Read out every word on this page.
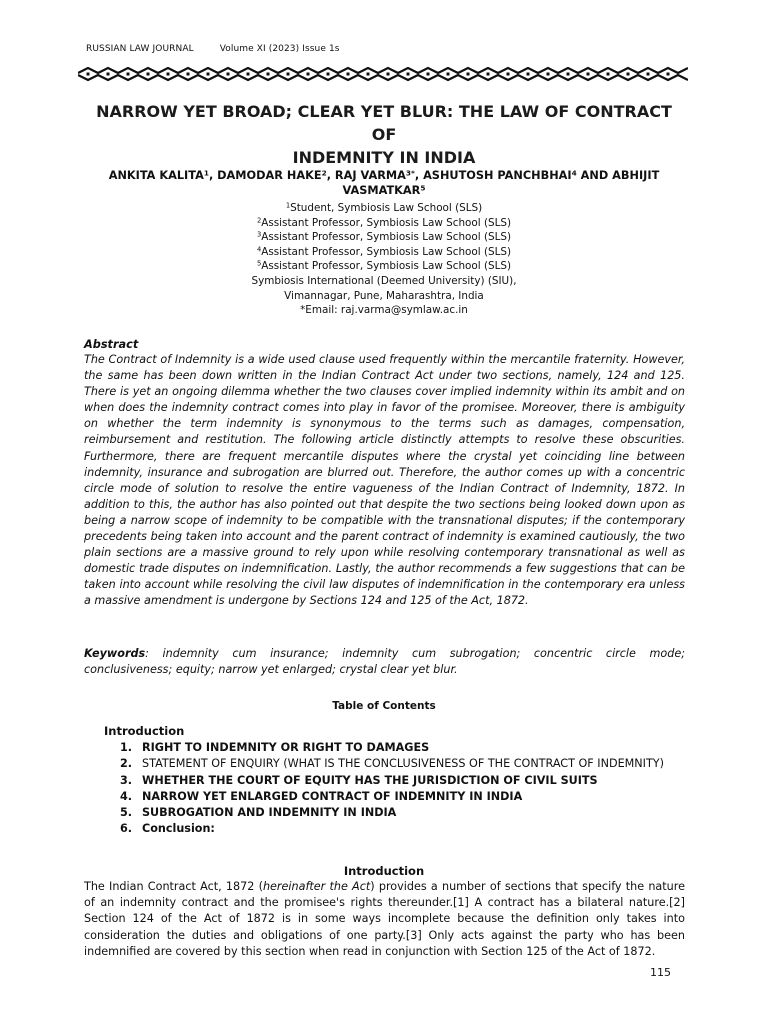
RUSSIAN LAW JOURNAL	Volume XI (2023) Issue 1s
NARROW YET BROAD; CLEAR YET BLUR: THE LAW OF CONTRACT OF
INDEMNITY IN INDIA
ANKITA KALITA$^1$, DAMODAR HAKE$^2$, RAJ $VARMA^{3*}$, ASHUTOSH PANCHBHAI$^4$ AND ABHIJIT VASMATKAR$^5$
$^1$Student, Symbiosis Law School (SLS)
$^2$Assistant Professor, Symbiosis Law School (SLS)
$^3$Assistant Professor, Symbiosis Law School (SLS)
$^4$Assistant Professor, Symbiosis Law School (SLS)
$^5$Assistant Professor, Symbiosis Law School (SLS)
Symbiosis International (Deemed University) (SIU),
Vimannagar, Pune, Maharashtra, India
*Email: raj.varma@symlaw.ac.in
Abstract
The Contract of Indemnity is a wide used clause used frequently within the mercantile fraternity. However, the same has been down written in the Indian Contract Act under two sections, namely, 124 and 125. There is yet an ongoing dilemma whether the two clauses cover implied indemnity within its ambit and on when does the indemnity contract comes into play in favor of the promisee. Moreover, there is ambiguity on whether the term indemnity is synonymous to the terms such as damages, compensation, reimbursement and restitution. The following article distinctly attempts to resolve these obscurities. Furthermore, there are frequent mercantile disputes where the crystal yet coinciding line between indemnity, insurance and subrogation are blurred out. Therefore, the author comes up with a concentric circle mode of solution to resolve the entire vagueness of the Indian Contract of Indemnity, 1872. In addition to this, the author has also pointed out that despite the two sections being looked down upon as being a narrow scope of indemnity to be compatible with the transnational disputes; if the contemporary precedents being taken into account and the parent contract of indemnity is examined cautiously, the two plain sections are a massive ground to rely upon while resolving contemporary transnational as well as domestic trade disputes on indemnification. Lastly, the author recommends a few suggestions that can be taken into account while resolving the civil law disputes of indemnification in the contemporary era unless a massive amendment is undergone by Sections 124 and 125 of the Act, 1872.
Keywords: indemnity cum insurance; indemnity cum subrogation; concentric circle mode; conclusiveness; equity; narrow yet enlarged; crystal clear yet blur.
Table of Contents
Introduction
1. RIGHT TO INDEMNITY OR RIGHT TO DAMAGES
2. STATEMENT OF ENQUIRY (WHAT IS THE CONCLUSIVENESS OF THE CONTRACT OF INDEMNITY)
3. WHETHER THE COURT OF EQUITY HAS THE JURISDICTION OF CIVIL SUITS
4. NARROW YET ENLARGED CONTRACT OF INDEMNITY IN INDIA
5. SUBROGATION AND INDEMNITY IN INDIA
6. Conclusion:
Introduction
The Indian Contract Act, 1872 (hereinafter the Act) provides a number of sections that specify the nature of an indemnity contract and the promisee's rights thereunder.[1] A contract has a bilateral nature.[2] Section 124 of the Act of 1872 is in some ways incomplete because the definition only takes into consideration the duties and obligations of one party.[3] Only acts against the party who has been indemnified are covered by this section when read in conjunction with Section 125 of the Act of 1872.
115
